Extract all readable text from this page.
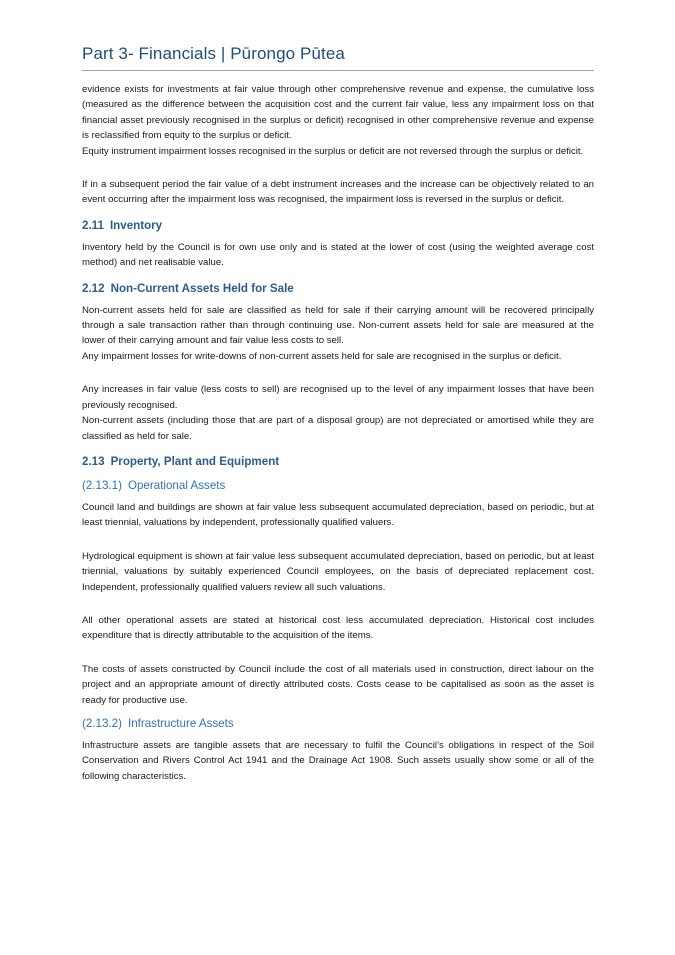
Part 3- Financials | Pūrongo Pūtea

evidence exists for investments at fair value through other comprehensive revenue and expense, the cumulative loss (measured as the difference between the acquisition cost and the current fair value, less any impairment loss on that financial asset previously recognised in the surplus or deficit) recognised in other comprehensive revenue and expense is reclassified from equity to the surplus or deficit.

Equity instrument impairment losses recognised in the surplus or deficit are not reversed through the surplus or deficit.

If in a subsequent period the fair value of a debt instrument increases and the increase can be objectively related to an event occurring after the impairment loss was recognised, the impairment loss is reversed in the surplus or deficit.

2.11 Inventory

Inventory held by the Council is for own use only and is stated at the lower of cost (using the weighted average cost method) and net realisable value.

2.12 Non-Current Assets Held for Sale

Non-current assets held for sale are classified as held for sale if their carrying amount will be recovered principally through a sale transaction rather than through continuing use. Non-current assets held for sale are measured at the lower of their carrying amount and fair value less costs to sell.

Any impairment losses for write-downs of non-current assets held for sale are recognised in the surplus or deficit.

Any increases in fair value (less costs to sell) are recognised up to the level of any impairment losses that have been previously recognised.

Non-current assets (including those that are part of a disposal group) are not depreciated or amortised while they are classified as held for sale.

2.13 Property, Plant and Equipment
(2.13.1) Operational Assets

Council land and buildings are shown at fair value less subsequent accumulated depreciation, based on periodic, but at least triennial, valuations by independent, professionally qualified valuers.

Hydrological equipment is shown at fair value less subsequent accumulated depreciation, based on periodic, but at least triennial, valuations by suitably experienced Council employees, on the basis of depreciated replacement cost. Independent, professionally qualified valuers review all such valuations.

All other operational assets are stated at historical cost less accumulated depreciation. Historical cost includes expenditure that is directly attributable to the acquisition of the items.

The costs of assets constructed by Council include the cost of all materials used in construction, direct labour on the project and an appropriate amount of directly attributed costs. Costs cease to be capitalised as soon as the asset is ready for productive use.

(2.13.2) Infrastructure Assets

Infrastructure assets are tangible assets that are necessary to fulfil the Council’s obligations in respect of the Soil Conservation and Rivers Control Act 1941 and the Drainage Act 1908. Such assets usually show some or all of the following characteristics.
